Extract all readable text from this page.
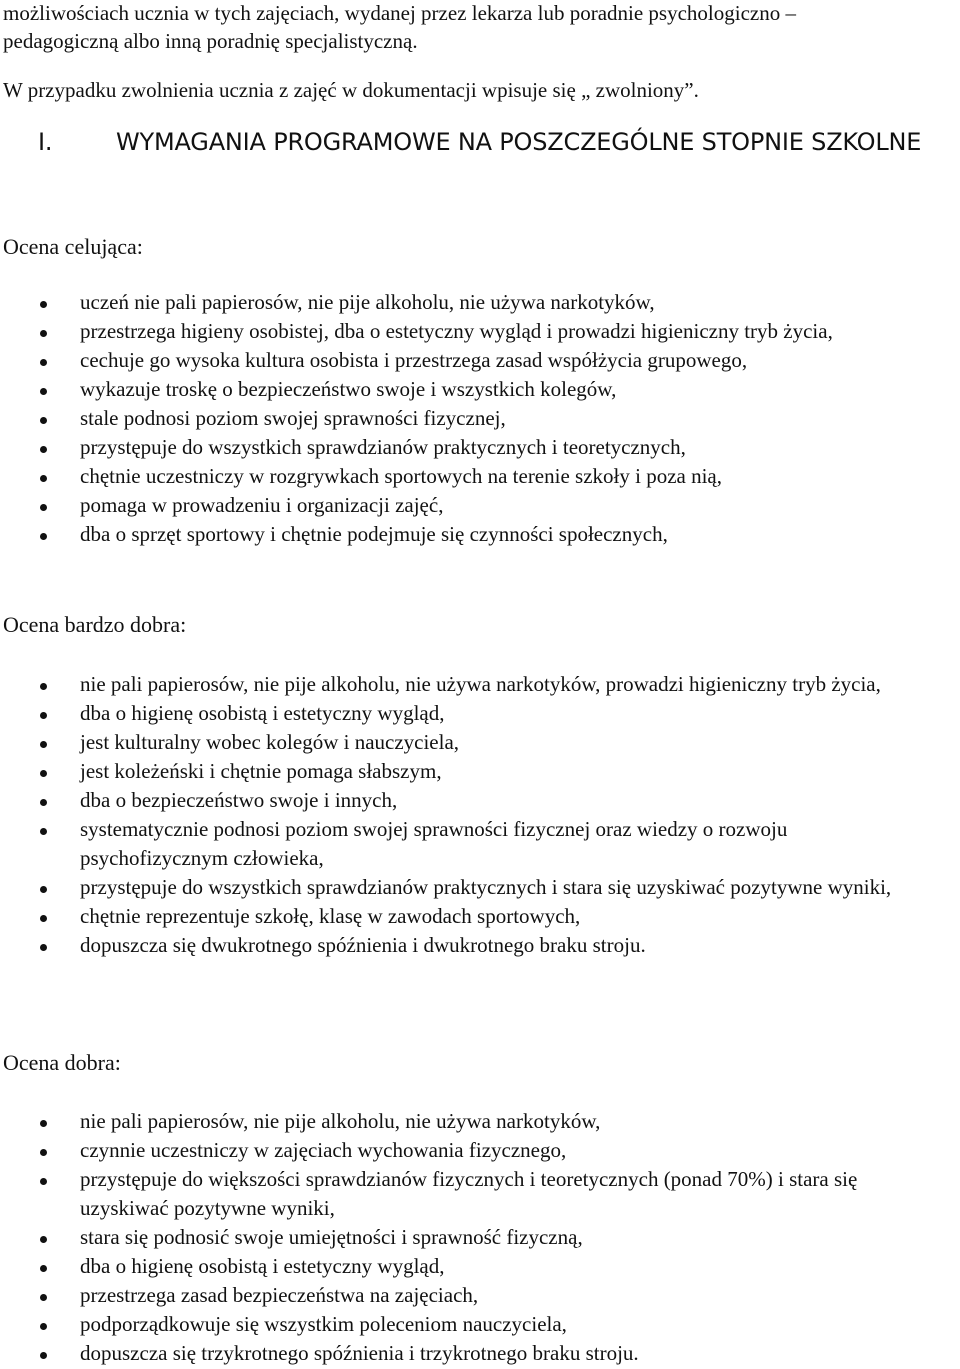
możliwościach ucznia w tych zajęciach, wydanej przez lekarza lub poradnie psychologiczno –
pedagogiczną albo inną poradnię specjalistyczną.
W przypadku zwolnienia ucznia z zajęć w dokumentacji wpisuje się „ zwolniony”.
I.	WYMAGANIA PROGRAMOWE NA POSZCZEGÓLNE STOPNIE SZKOLNE
Ocena celująca:
uczeń nie pali papierosów, nie pije alkoholu, nie używa narkotyków,
przestrzega higieny osobistej, dba o estetyczny wygląd i prowadzi higieniczny tryb życia,
cechuje go wysoka kultura osobista i przestrzega zasad współżycia grupowego,
wykazuje troskę o bezpieczeństwo swoje i wszystkich kolegów,
stale podnosi poziom swojej sprawności fizycznej,
przystępuje do wszystkich sprawdzianów praktycznych i teoretycznych,
chętnie uczestniczy w rozgrywkach sportowych na terenie szkoły i poza nią,
pomaga w prowadzeniu i organizacji zajęć,
dba o sprzęt sportowy i chętnie podejmuje się czynności społecznych,
Ocena bardzo dobra:
nie pali papierosów, nie pije alkoholu, nie używa narkotyków, prowadzi higieniczny tryb życia,
dba o higienę osobistą i estetyczny wygląd,
jest kulturalny wobec kolegów i nauczyciela,
jest koleżeński i chętnie pomaga słabszym,
dba o bezpieczeństwo swoje i innych,
systematycznie podnosi poziom swojej sprawności fizycznej oraz wiedzy o rozwoju psychofizycznym człowieka,
przystępuje do wszystkich sprawdzianów praktycznych i stara się uzyskiwać pozytywne wyniki,
chętnie reprezentuje szkołę, klasę w zawodach sportowych,
dopuszcza się dwukrotnego spóźnienia i dwukrotnego braku stroju.
Ocena dobra:
nie pali papierosów, nie pije alkoholu, nie używa narkotyków,
czynnie uczestniczy w zajęciach wychowania fizycznego,
przystępuje do większości sprawdzianów fizycznych i teoretycznych (ponad 70%) i stara się uzyskiwać pozytywne wyniki,
stara się podnosić swoje umiejętności i sprawność fizyczną,
dba o higienę osobistą i estetyczny wygląd,
przestrzega zasad bezpieczeństwa na zajęciach,
podporządkowuje się wszystkim poleceniom nauczyciela,
dopuszcza się trzykrotnego spóźnienia i trzykrotnego braku stroju.
